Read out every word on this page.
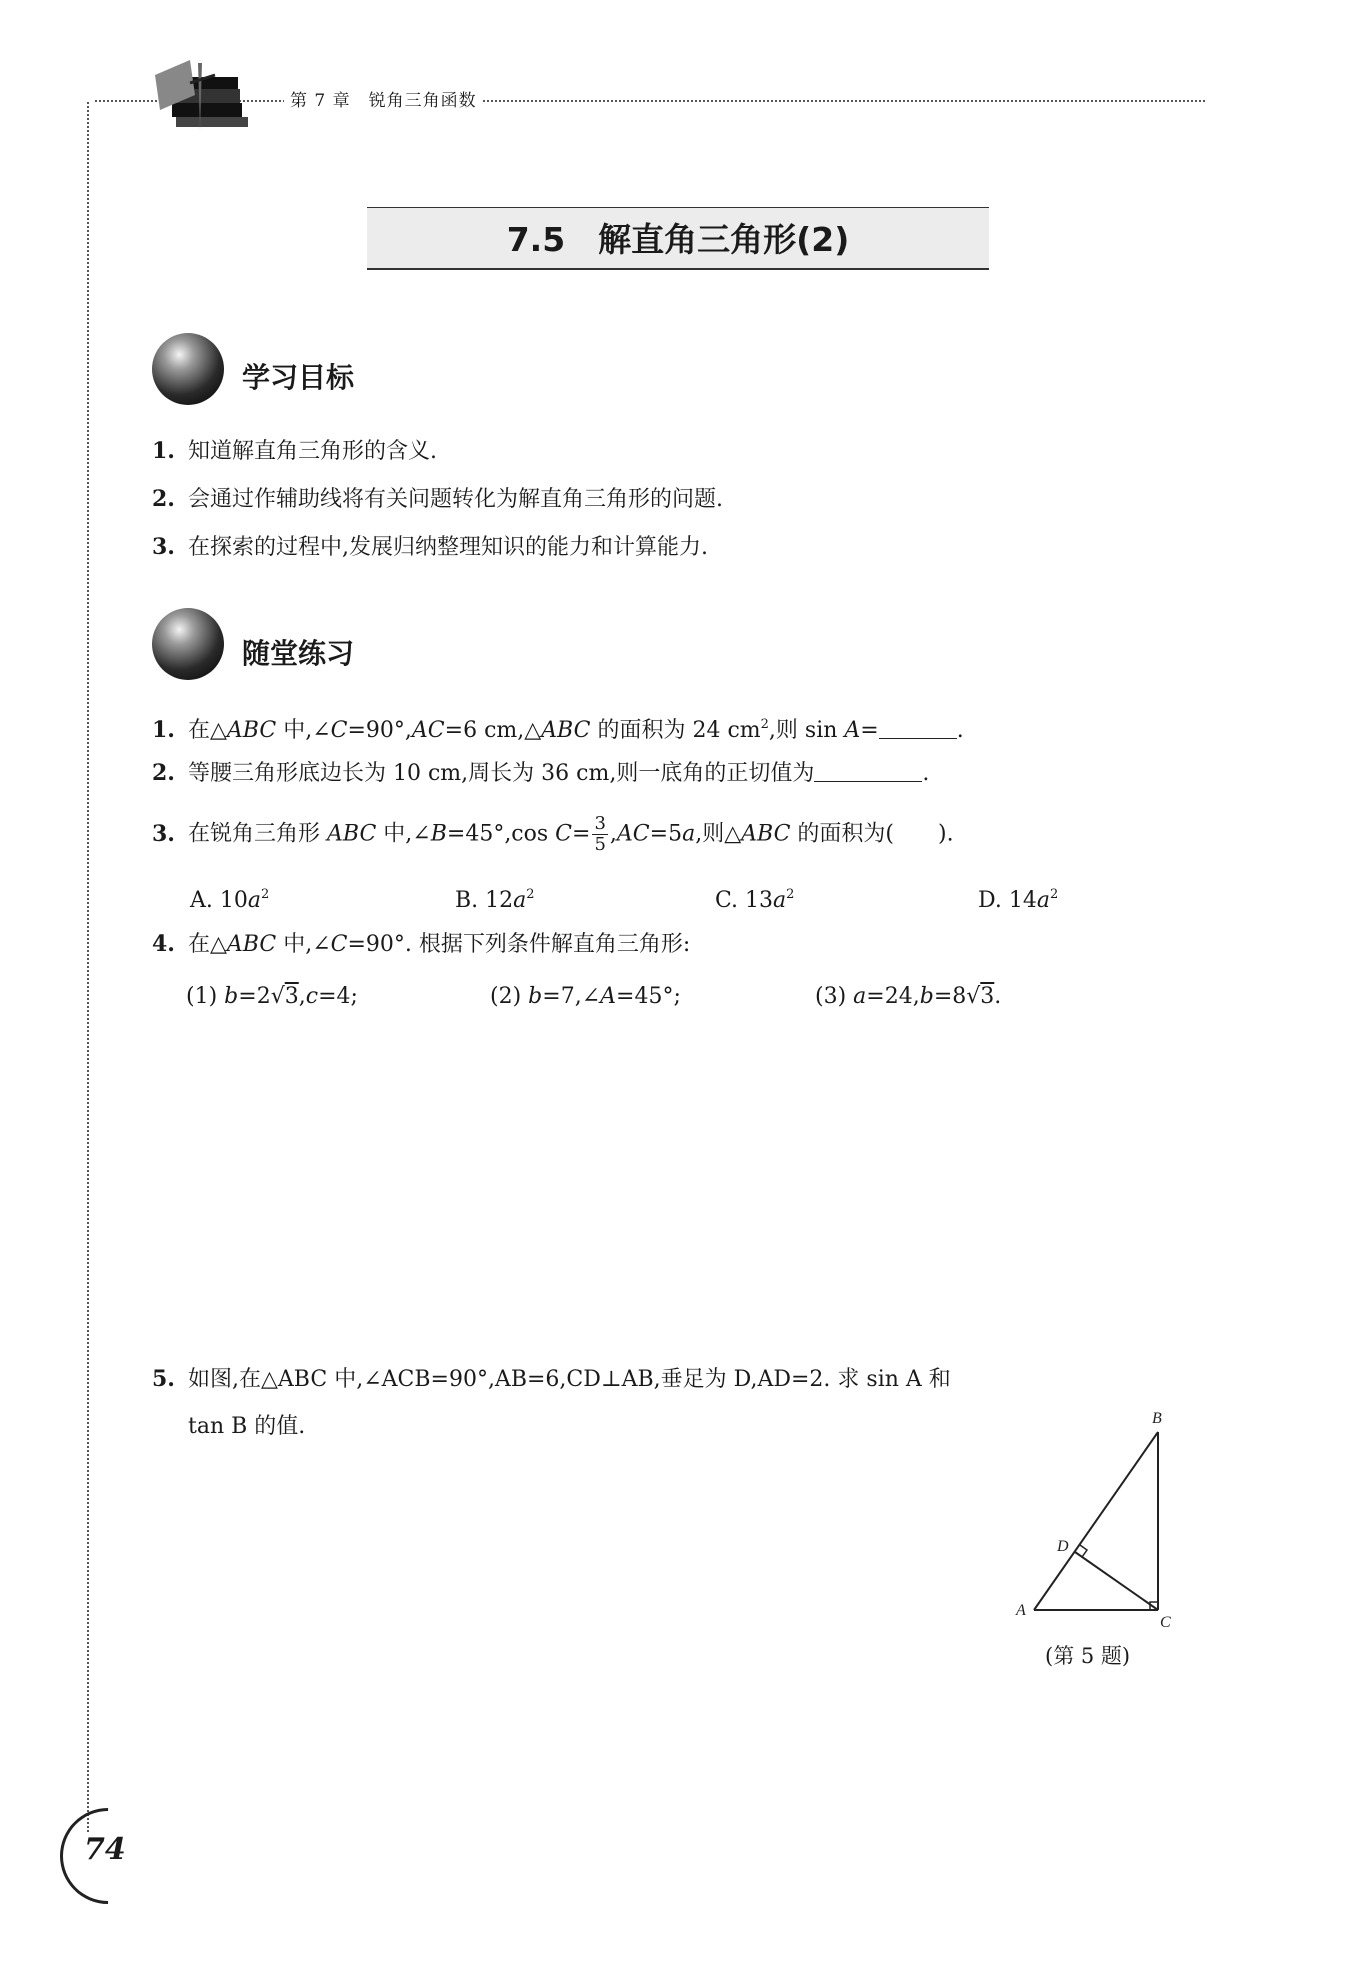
第 7 章　锐角三角函数
7.5　解直角三角形(2)
学习目标
1. 知道解直角三角形的含义.
2. 会通过作辅助线将有关问题转化为解直角三角形的问题.
3. 在探索的过程中,发展归纳整理知识的能力和计算能力.
随堂练习
1. 在△ABC 中,∠C=90°,AC=6 cm,△ABC 的面积为 24 $cm^2$,则 sin A=	.
2. 等腰三角形底边长为 10 cm,周长为 36 cm,则一底角的正切值为	.
3. 在锐角三角形 ABC 中,∠B=45°,cos $C= \frac{3}{5} ,AC=5a$,则△ABC 的面积为(　　).
A. $10a^2$	B. $12a^2$	C. $13a^2$	D. $14a^2$
4. 在△ABC 中,∠C=90°. 根据下列条件解直角三角形:
(1) b=2√3,c=4;	(2) b=7,∠A=45°;	(3) a=24,b=8√3.
5. 如图,在△ABC 中,∠ACB=90°,AB=6,CD⊥AB,垂足为 D,AD=2. 求 sin A 和
tan B 的值.
A
B
C
D
(第 5 题)
74
